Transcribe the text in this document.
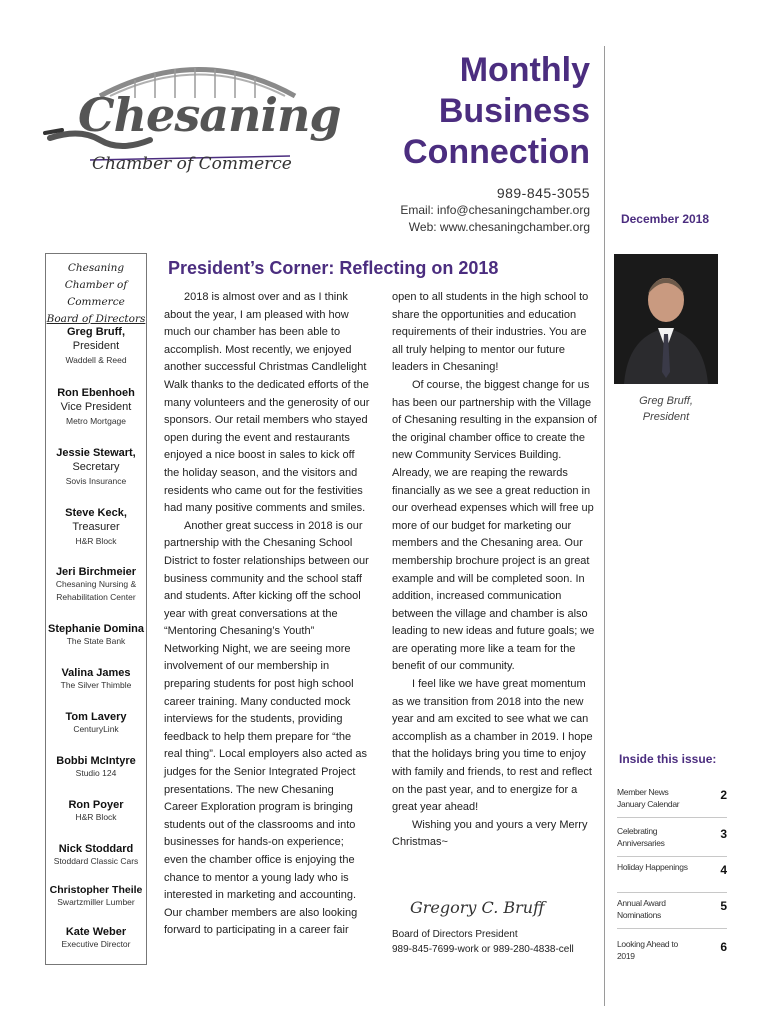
Chesaning
Chamber of Commerce
Monthly
Business
Connection
989-845-3055
Email: info@chesaningchamber.org
Web: www.chesaningchamber.org
December 2018
Chesaning
Chamber of Commerce
Board of Directors
Greg Bruff,
President
Waddell & Reed
Ron Ebenhoeh
Vice President
Metro Mortgage
Jessie Stewart,
Secretary
Sovis Insurance
Steve Keck,
Treasurer
H&R Block
Jeri Birchmeier
Chesaning Nursing & Rehabilitation Center
Stephanie Domina
The State Bank
Valina James
The Silver Thimble
Tom Lavery
CenturyLink
Bobbi McIntyre
Studio 124
Ron Poyer
H&R Block
Nick Stoddard
Stoddard Classic Cars
Christopher Theile
Swartzmiller Lumber
Kate Weber
Executive Director
President’s Corner: Reflecting on 2018

2018 is almost over and as I think about the year, I am pleased with how much our chamber has been able to accomplish. Most recently, we enjoyed another successful Christmas Candlelight Walk thanks to the dedicated efforts of the many volunteers and the generosity of our sponsors. Our retail members who stayed open during the event and restaurants enjoyed a nice boost in sales to kick off the holiday season, and the visitors and residents who came out for the festivities had many positive comments and smiles.

Another great success in 2018 is our partnership with the Chesaning School District to foster relationships between our business community and the school staff and students. After kicking off the school year with great conversations at the “Mentoring Chesaning’s Youth” Networking Night, we are seeing more involvement of our membership in preparing students for post high school career training. Many conducted mock interviews for the students, providing feedback to help them prepare for “the real thing”. Local employers also acted as judges for the Senior Integrated Project presentations. The new Chesaning Career Exploration program is bringing students out of the classrooms and into businesses for hands-on experience; even the chamber office is enjoying the chance to mentor a young lady who is interested in marketing and accounting. Our chamber members are also looking forward to participating in a career fair

open to all students in the high school to share the opportunities and education requirements of their industries. You are all truly helping to mentor our future leaders in Chesaning!

Of course, the biggest change for us has been our partnership with the Village of Chesaning resulting in the expansion of the original chamber office to create the new Community Services Building. Already, we are reaping the rewards financially as we see a great reduction in our overhead expenses which will free up more of our budget for marketing our members and the Chesaning area. Our membership brochure project is an great example and will be completed soon. In addition, increased communication between the village and chamber is also leading to new ideas and future goals; we are operating more like a team for the benefit of our community.

I feel like we have great momentum as we transition from 2018 into the new year and am excited to see what we can accomplish as a chamber in 2019. I hope that the holidays bring you time to enjoy with family and friends, to rest and reflect on the past year, and to energize for a great year ahead!

Wishing you and yours a very Merry Christmas~

Gregory C. Bruff
Board of Directors President
989-845-7699-work or 989-280-4838-cell
Greg Bruff,
President
Inside this issue:
Member News January Calendar
2
Celebrating Anniversaries
3
Holiday Happenings	4
Annual Award Nominations
5
Looking Ahead to 2019
6
